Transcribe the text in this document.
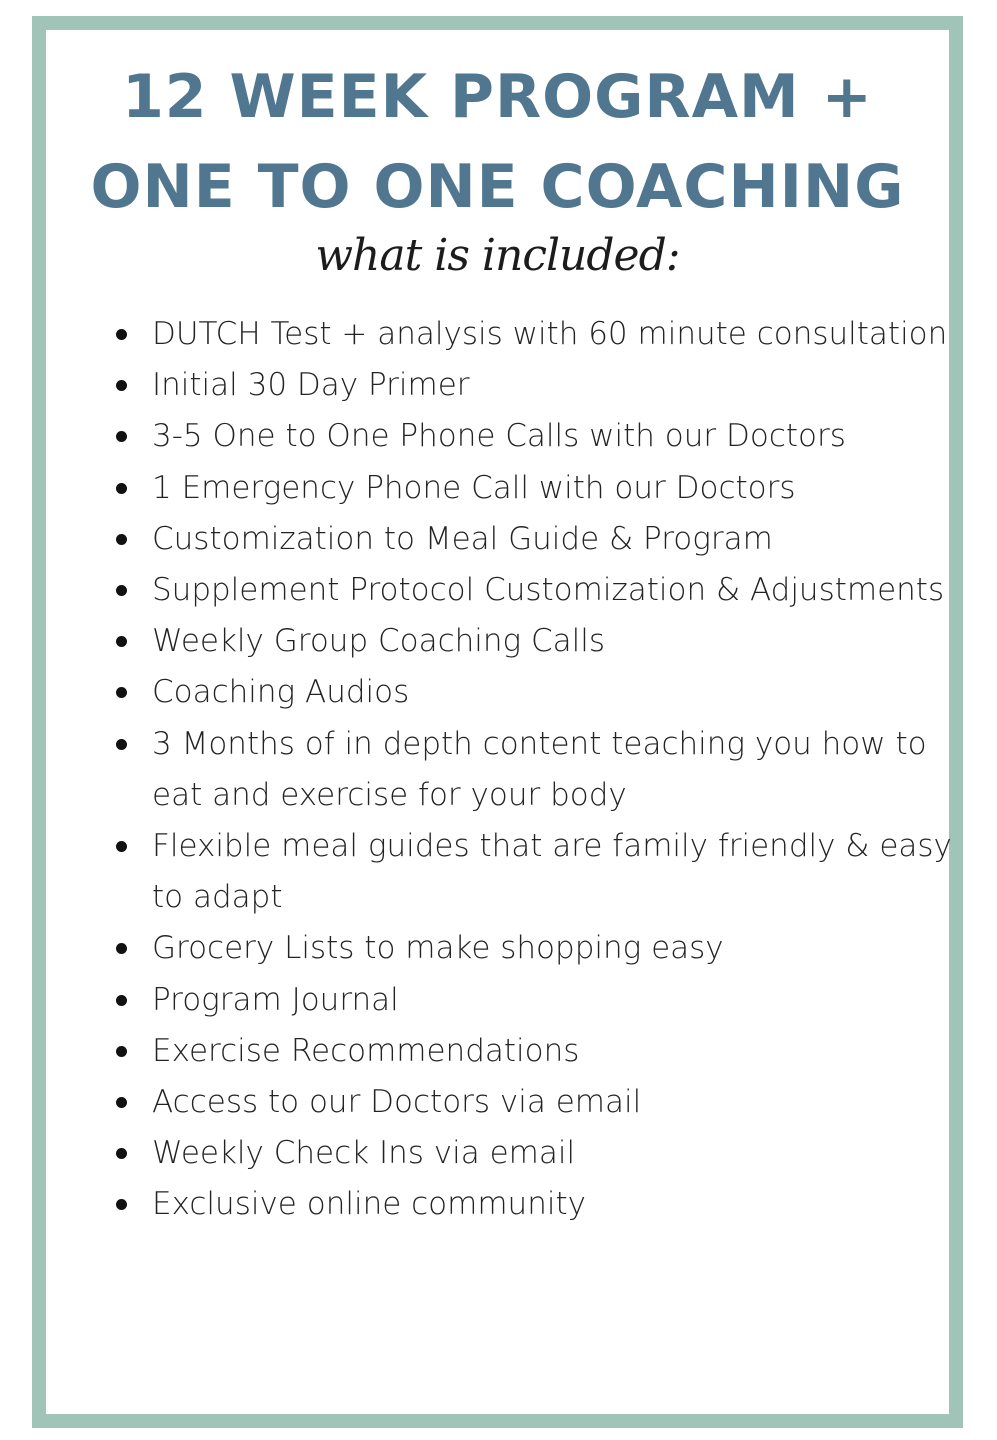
12 WEEK PROGRAM + ONE TO ONE COACHING
what is included:
DUTCH Test + analysis with 60 minute consultation
Initial 30 Day Primer
3-5 One to One Phone Calls with our Doctors
1 Emergency Phone Call with our Doctors
Customization to Meal Guide & Program
Supplement Protocol Customization & Adjustments
Weekly Group Coaching Calls
Coaching Audios
3 Months of in depth content teaching you how to eat and exercise for your body
Flexible meal guides that are family friendly & easy to adapt
Grocery Lists to make shopping easy
Program Journal
Exercise Recommendations
Access to our Doctors via email
Weekly Check Ins via email
Exclusive online community
